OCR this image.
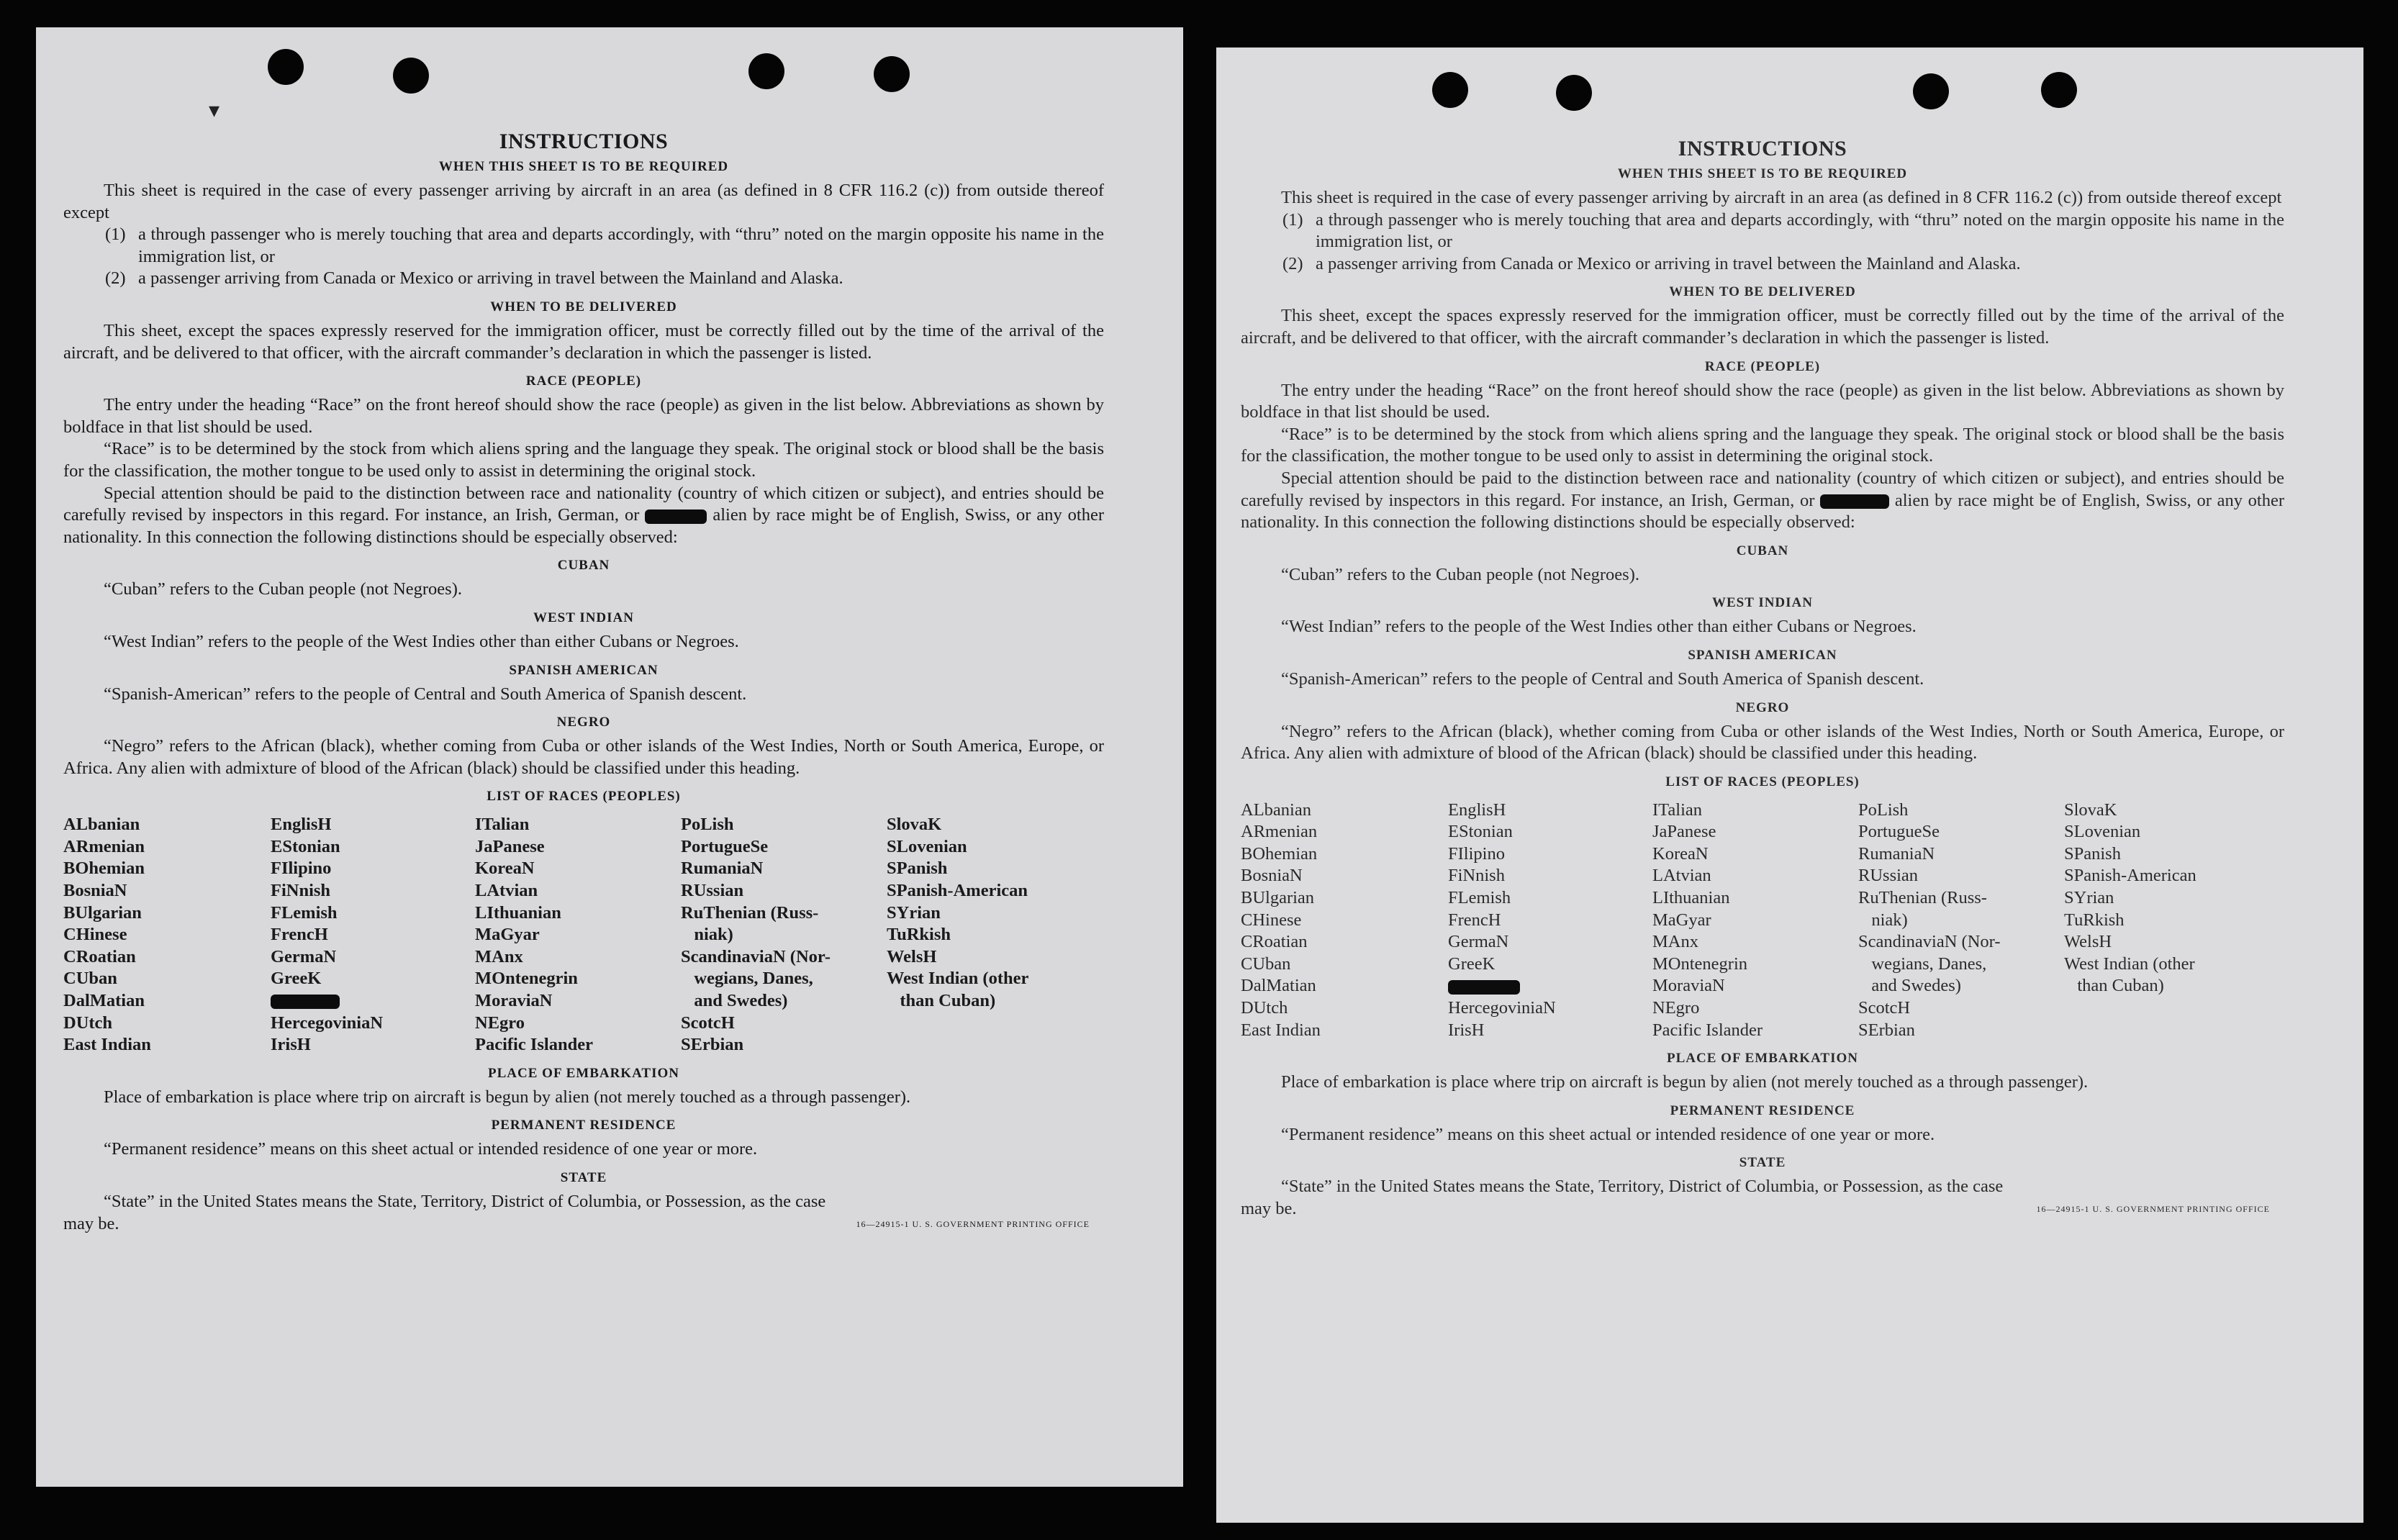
▾
INSTRUCTIONS
WHEN THIS SHEET IS TO BE REQUIRED

This sheet is required in the case of every passenger arriving by aircraft in an area (as defined in 8 CFR 116.2 (c)) from outside thereof except

(1) a through passenger who is merely touching that area and departs accordingly, with “thru” noted on the margin opposite his name in the immigration list, or
(2) a passenger arriving from Canada or Mexico or arriving in travel between the Mainland and Alaska.
WHEN TO BE DELIVERED

This sheet, except the spaces expressly reserved for the immigration officer, must be correctly filled out by the time of the arrival of the aircraft, and be delivered to that officer, with the aircraft commander’s declaration in which the passenger is listed.

RACE (PEOPLE)

The entry under the heading “Race” on the front hereof should show the race (people) as given in the list below. Abbreviations as shown by boldface in that list should be used.

“Race” is to be determined by the stock from which aliens spring and the language they speak. The original stock or blood shall be the basis for the classification, the mother tongue to be used only to assist in determining the original stock.

Special attention should be paid to the distinction between race and nationality (country of which citizen or subject), and entries should be carefully revised by inspectors in this regard. For instance, an Irish, German, or	alien by race might be of English, Swiss, or any other nationality. In this connection the following distinctions should be especially observed:

CUBAN

“Cuban” refers to the Cuban people (not Negroes).

WEST INDIAN

“West Indian” refers to the people of the West Indies other than either Cubans or Negroes.

SPANISH AMERICAN

“Spanish-American” refers to the people of Central and South America of Spanish descent.

NEGRO

“Negro” refers to the African (black), whether coming from Cuba or other islands of the West Indies, North or South America, Europe, or Africa. Any alien with admixture of blood of the African (black) should be classified under this heading.

LIST OF RACES (PEOPLES)
ALbanian
ARmenian
BOhemian
BosniaN
BUlgarian
CHinese
CRoatian
CUban
DalMatian
DUtch
East Indian
EnglisH
EStonian
FIlipino
FiNnish
FLemish
FrencH
GermaN
GreeK
HercegoviniaN
IrisH
ITalian
JaPanese
KoreaN
LAtvian
LIthuanian
MaGyar
MAnx
MOntenegrin
MoraviaN
NEgro
Pacific Islander
PoLish
PortugueSe
RumaniaN
RUssian
RuThenian (Russ-
niak)
ScandinaviaN (Nor-
wegians, Danes,
and Swedes)
ScotcH
SErbian
SlovaK
SLovenian
SPanish
SPanish-American
SYrian
TuRkish
WelsH
West Indian (other
than Cuban)
PLACE OF EMBARKATION

Place of embarkation is place where trip on aircraft is begun by alien (not merely touched as a through passenger).

PERMANENT RESIDENCE

“Permanent residence” means on this sheet actual or intended residence of one year or more.

STATE

“State” in the United States means the State, Territory, District of Columbia, or Possession, as the case

may be.	16—24915-1 U. S. GOVERNMENT PRINTING OFFICE
INSTRUCTIONS
WHEN THIS SHEET IS TO BE REQUIRED

This sheet is required in the case of every passenger arriving by aircraft in an area (as defined in 8 CFR 116.2 (c)) from outside thereof except

(1) a through passenger who is merely touching that area and departs accordingly, with “thru” noted on the margin opposite his name in the immigration list, or
(2) a passenger arriving from Canada or Mexico or arriving in travel between the Mainland and Alaska.
WHEN TO BE DELIVERED

This sheet, except the spaces expressly reserved for the immigration officer, must be correctly filled out by the time of the arrival of the aircraft, and be delivered to that officer, with the aircraft commander’s declaration in which the passenger is listed.

RACE (PEOPLE)

The entry under the heading “Race” on the front hereof should show the race (people) as given in the list below. Abbreviations as shown by boldface in that list should be used.

“Race” is to be determined by the stock from which aliens spring and the language they speak. The original stock or blood shall be the basis for the classification, the mother tongue to be used only to assist in determining the original stock.

Special attention should be paid to the distinction between race and nationality (country of which citizen or subject), and entries should be carefully revised by inspectors in this regard. For instance, an Irish, German, or	alien by race might be of English, Swiss, or any other nationality. In this connection the following distinctions should be especially observed:

CUBAN

“Cuban” refers to the Cuban people (not Negroes).

WEST INDIAN

“West Indian” refers to the people of the West Indies other than either Cubans or Negroes.

SPANISH AMERICAN

“Spanish-American” refers to the people of Central and South America of Spanish descent.

NEGRO

“Negro” refers to the African (black), whether coming from Cuba or other islands of the West Indies, North or South America, Europe, or Africa. Any alien with admixture of blood of the African (black) should be classified under this heading.

LIST OF RACES (PEOPLES)
ALbanian
ARmenian
BOhemian
BosniaN
BUlgarian
CHinese
CRoatian
CUban
DalMatian
DUtch
East Indian
EnglisH
EStonian
FIlipino
FiNnish
FLemish
FrencH
GermaN
GreeK
HercegoviniaN
IrisH
ITalian
JaPanese
KoreaN
LAtvian
LIthuanian
MaGyar
MAnx
MOntenegrin
MoraviaN
NEgro
Pacific Islander
PoLish
PortugueSe
RumaniaN
RUssian
RuThenian (Russ-
niak)
ScandinaviaN (Nor-
wegians, Danes,
and Swedes)
ScotcH
SErbian
SlovaK
SLovenian
SPanish
SPanish-American
SYrian
TuRkish
WelsH
West Indian (other
than Cuban)
PLACE OF EMBARKATION

Place of embarkation is place where trip on aircraft is begun by alien (not merely touched as a through passenger).

PERMANENT RESIDENCE

“Permanent residence” means on this sheet actual or intended residence of one year or more.

STATE

“State” in the United States means the State, Territory, District of Columbia, or Possession, as the case

may be.	16—24915-1 U. S. GOVERNMENT PRINTING OFFICE
